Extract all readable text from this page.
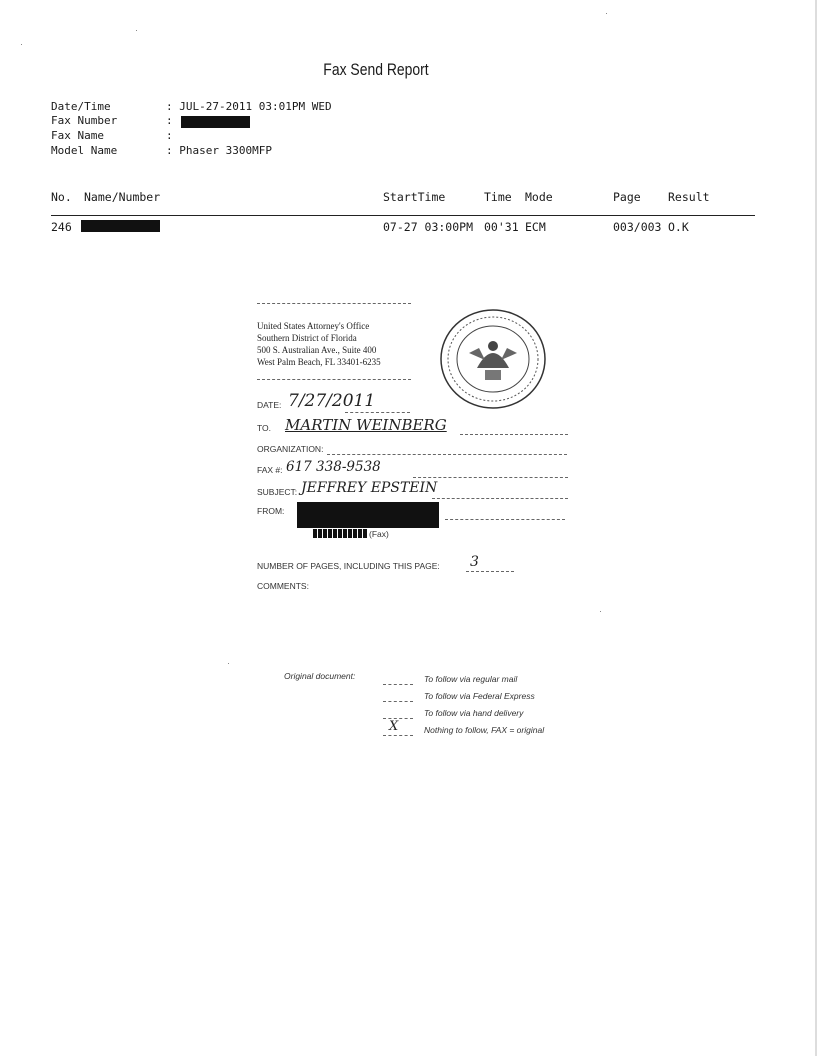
Fax Send Report
Date/Time	: JUL-27-2011 03:01PM WED
Fax Number	:
Fax Name	:
Model Name	: Phaser 3300MFP
No. Name/Number	StartTime	Time Mode	Page Result
246	07-27 03:00PM 00'31 ECM	003/003 O.K
United States Attorney's Office
Southern District of Florida
500 S. Australian Ave., Suite 400
West Palm Beach, FL 33401-6235
DATE: 7/27/2011
TO. MARTIN WEINBERG
ORGANIZATION:
FAX #: 617 338-9538
SUBJECT: JEFFREY EPSTEIN
FROM:
(Fax)
NUMBER OF PAGES, INCLUDING THIS PAGE: 3
COMMENTS:
Original document:	To follow via regular mail
To follow via Federal Express
To follow via hand delivery
X	Nothing to follow, FAX = original
